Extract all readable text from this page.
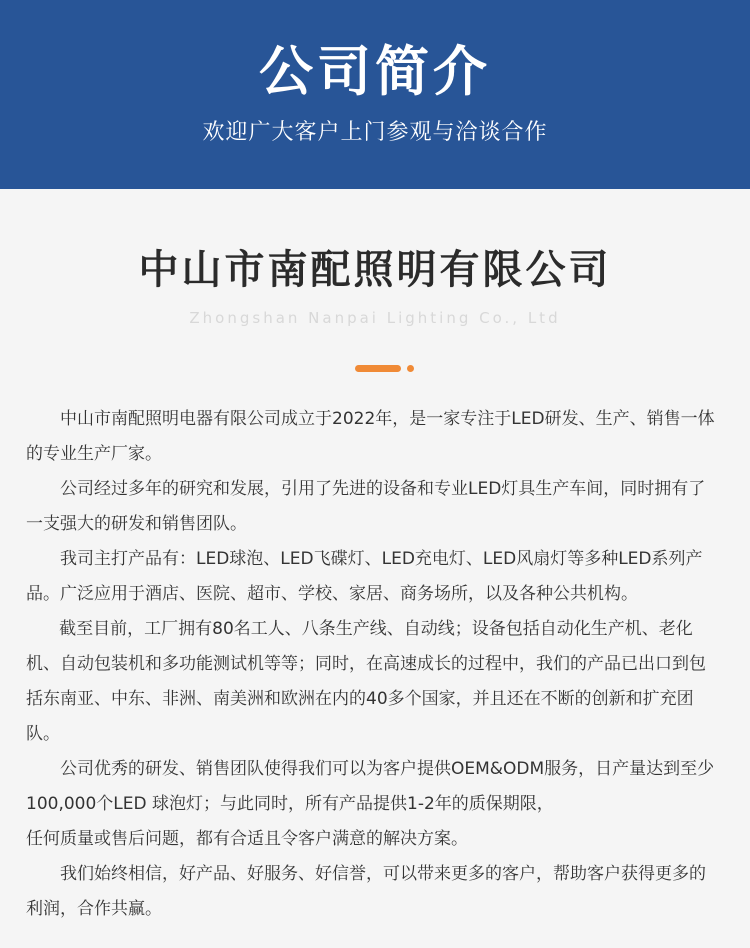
公司简介
欢迎广大客户上门参观与洽谈合作
中山市南配照明有限公司
Zhongshan Nanpai Lighting Co., Ltd

中山市南配照明电器有限公司成立于2022年，是一家专注于LED研发、生产、销售一体的专业生产厂家。

公司经过多年的研究和发展，引用了先进的设备和专业LED灯具生产车间，同时拥有了一支强大的研发和销售团队。

我司主打产品有：LED球泡、LED飞碟灯、LED充电灯、LED风扇灯等多种LED系列产品。广泛应用于酒店、医院、超市、学校、家居、商务场所，以及各种公共机构。

截至目前，工厂拥有80名工人、八条生产线、自动线；设备包括自动化生产机、老化机、自动包装机和多功能测试机等等；同时，在高速成长的过程中，我们的产品已出口到包括东南亚、中东、非洲、南美洲和欧洲在内的40多个国家，并且还在不断的创新和扩充团队。

公司优秀的研发、销售团队使得我们可以为客户提供OEM&ODM服务，日产量达到至少100,000个LED 球泡灯；与此同时，所有产品提供1-2年的质保期限，

任何质量或售后问题，都有合适且令客户满意的解决方案。

我们始终相信，好产品、好服务、好信誉，可以带来更多的客户，帮助客户获得更多的利润，合作共赢。
